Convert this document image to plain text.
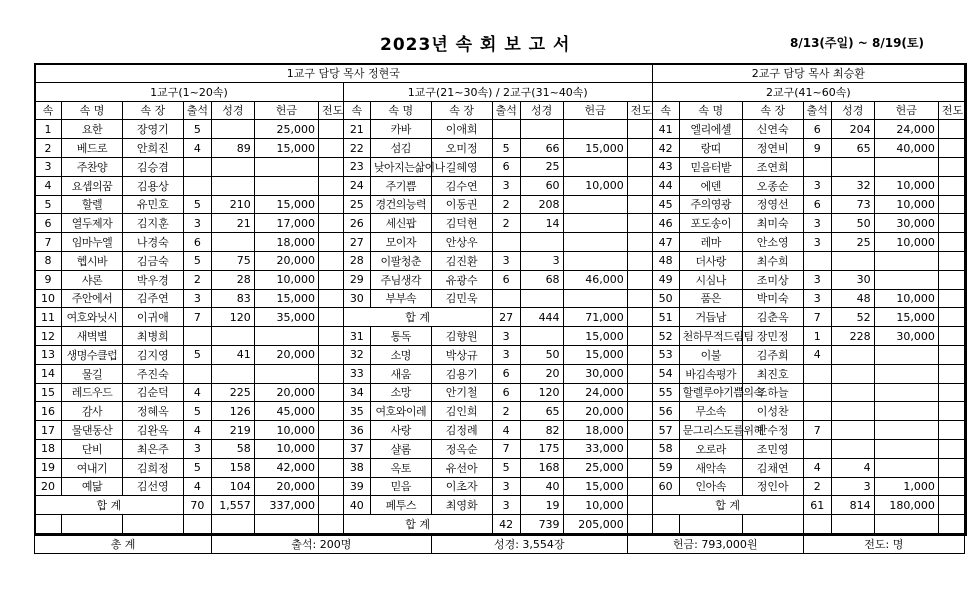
2023년 속 회 보 고 서	8/13(주일) ~ 8/19(토)
1교구 담당 목사 정현국														2교구 담당 목사 최승환						
1교구(1~20속)							1교구(21~30속) / 2교구(31~40속)							2교구(41~60속)						
속	속 명	속 장	출석	성경	헌금	전도	속	속 명	속 장	출석	성경	헌금	전도	속	속 명	속 장	출석	성경	헌금	전도
1	요한	장영기	5		25,000		21	카바	이애희					41	엘리에셀	신연숙	6	204	24,000	
2	베드로	안희진	4	89	15,000		22	섬김	오미정	5	66	15,000		42	랑띠	정연비	9	65	40,000	
3	주찬양	김승겸					23	낮아지는삶이나	길혜영	6	25			43	믿음터밭	조연희				
4	요셉의꿈	김용상					24	주기쁨	김수연	3	60	10,000		44	에덴	오종순	3	32	10,000	
5	할렐	유민호	5	210	15,000		25	경건의능력	이동권	2	208			45	주의영광	정영선	6	73	10,000	
6	열두제자	김지훈	3	21	17,000		26	세신팝	김덕현	2	14			46	포도송이	최미숙	3	50	30,000	
7	임마누엘	나경숙	6		18,000		27	모이자	안상우					47	레마	안소영	3	25	10,000	
8	헵시바	김금숙	5	75	20,000		28	이팔청춘	김진환	3	3			48	더사랑	최수희				
9	샤론	박우경	2	28	10,000		29	주님생각	유광수	6	68	46,000		49	시심나	조미상	3	30		
10	주안에서	김주연	3	83	15,000		30	부부속	김민욱					50	품은	박미숙	3	48	10,000	
11	여호와닛시	이귀애	7	120	35,000		합 계			27	444	71,000		51	거듭남	김춘옥	7	52	15,000	
12	새벽별	최병희					31	통독	김향원	3		15,000		52	천하무적드림팀	장민정	1	228	30,000	
13	생명수클럽	김지영	5	41	20,000		32	소명	박상규	3	50	15,000		53	이불	김주희	4			
14	물길	주진숙					33	새움	김용기	6	20	30,000		54	바김속평가	최진호				
15	레드우드	김순덕	4	225	20,000		34	소망	안기철	6	120	24,000		55	할렐루야기쁨의속	조하늘				
16	감사	정혜옥	5	126	45,000		35	여호와이레	김인희	2	65	20,000		56	무소속	이성찬				
17	물댄동산	김완옥	4	219	10,000		36	사랑	김정례	4	82	18,000		57	문그리스도를위해	반수정	7			
18	단비	최은주	3	58	10,000		37	샬롬	정옥순	7	175	33,000		58	오로라	조민영				
19	여내기	김희정	5	158	42,000		38	옥토	유선아	5	168	25,000		59	새악속	김채연	4	4		
20	예닮	김선영	4	104	20,000		39	믿음	이초자	3	40	15,000		60	인아속	정인아	2	3	1,000	
합 계			70	1,557	337,000		40	페투스	최영화	3	19	10,000		합 계			61	814	180,000	
							합 계			42	739	205,000								
총 계				출석: 200명					성경: 3,554장				헌금: 793,000원				전도: 명			
